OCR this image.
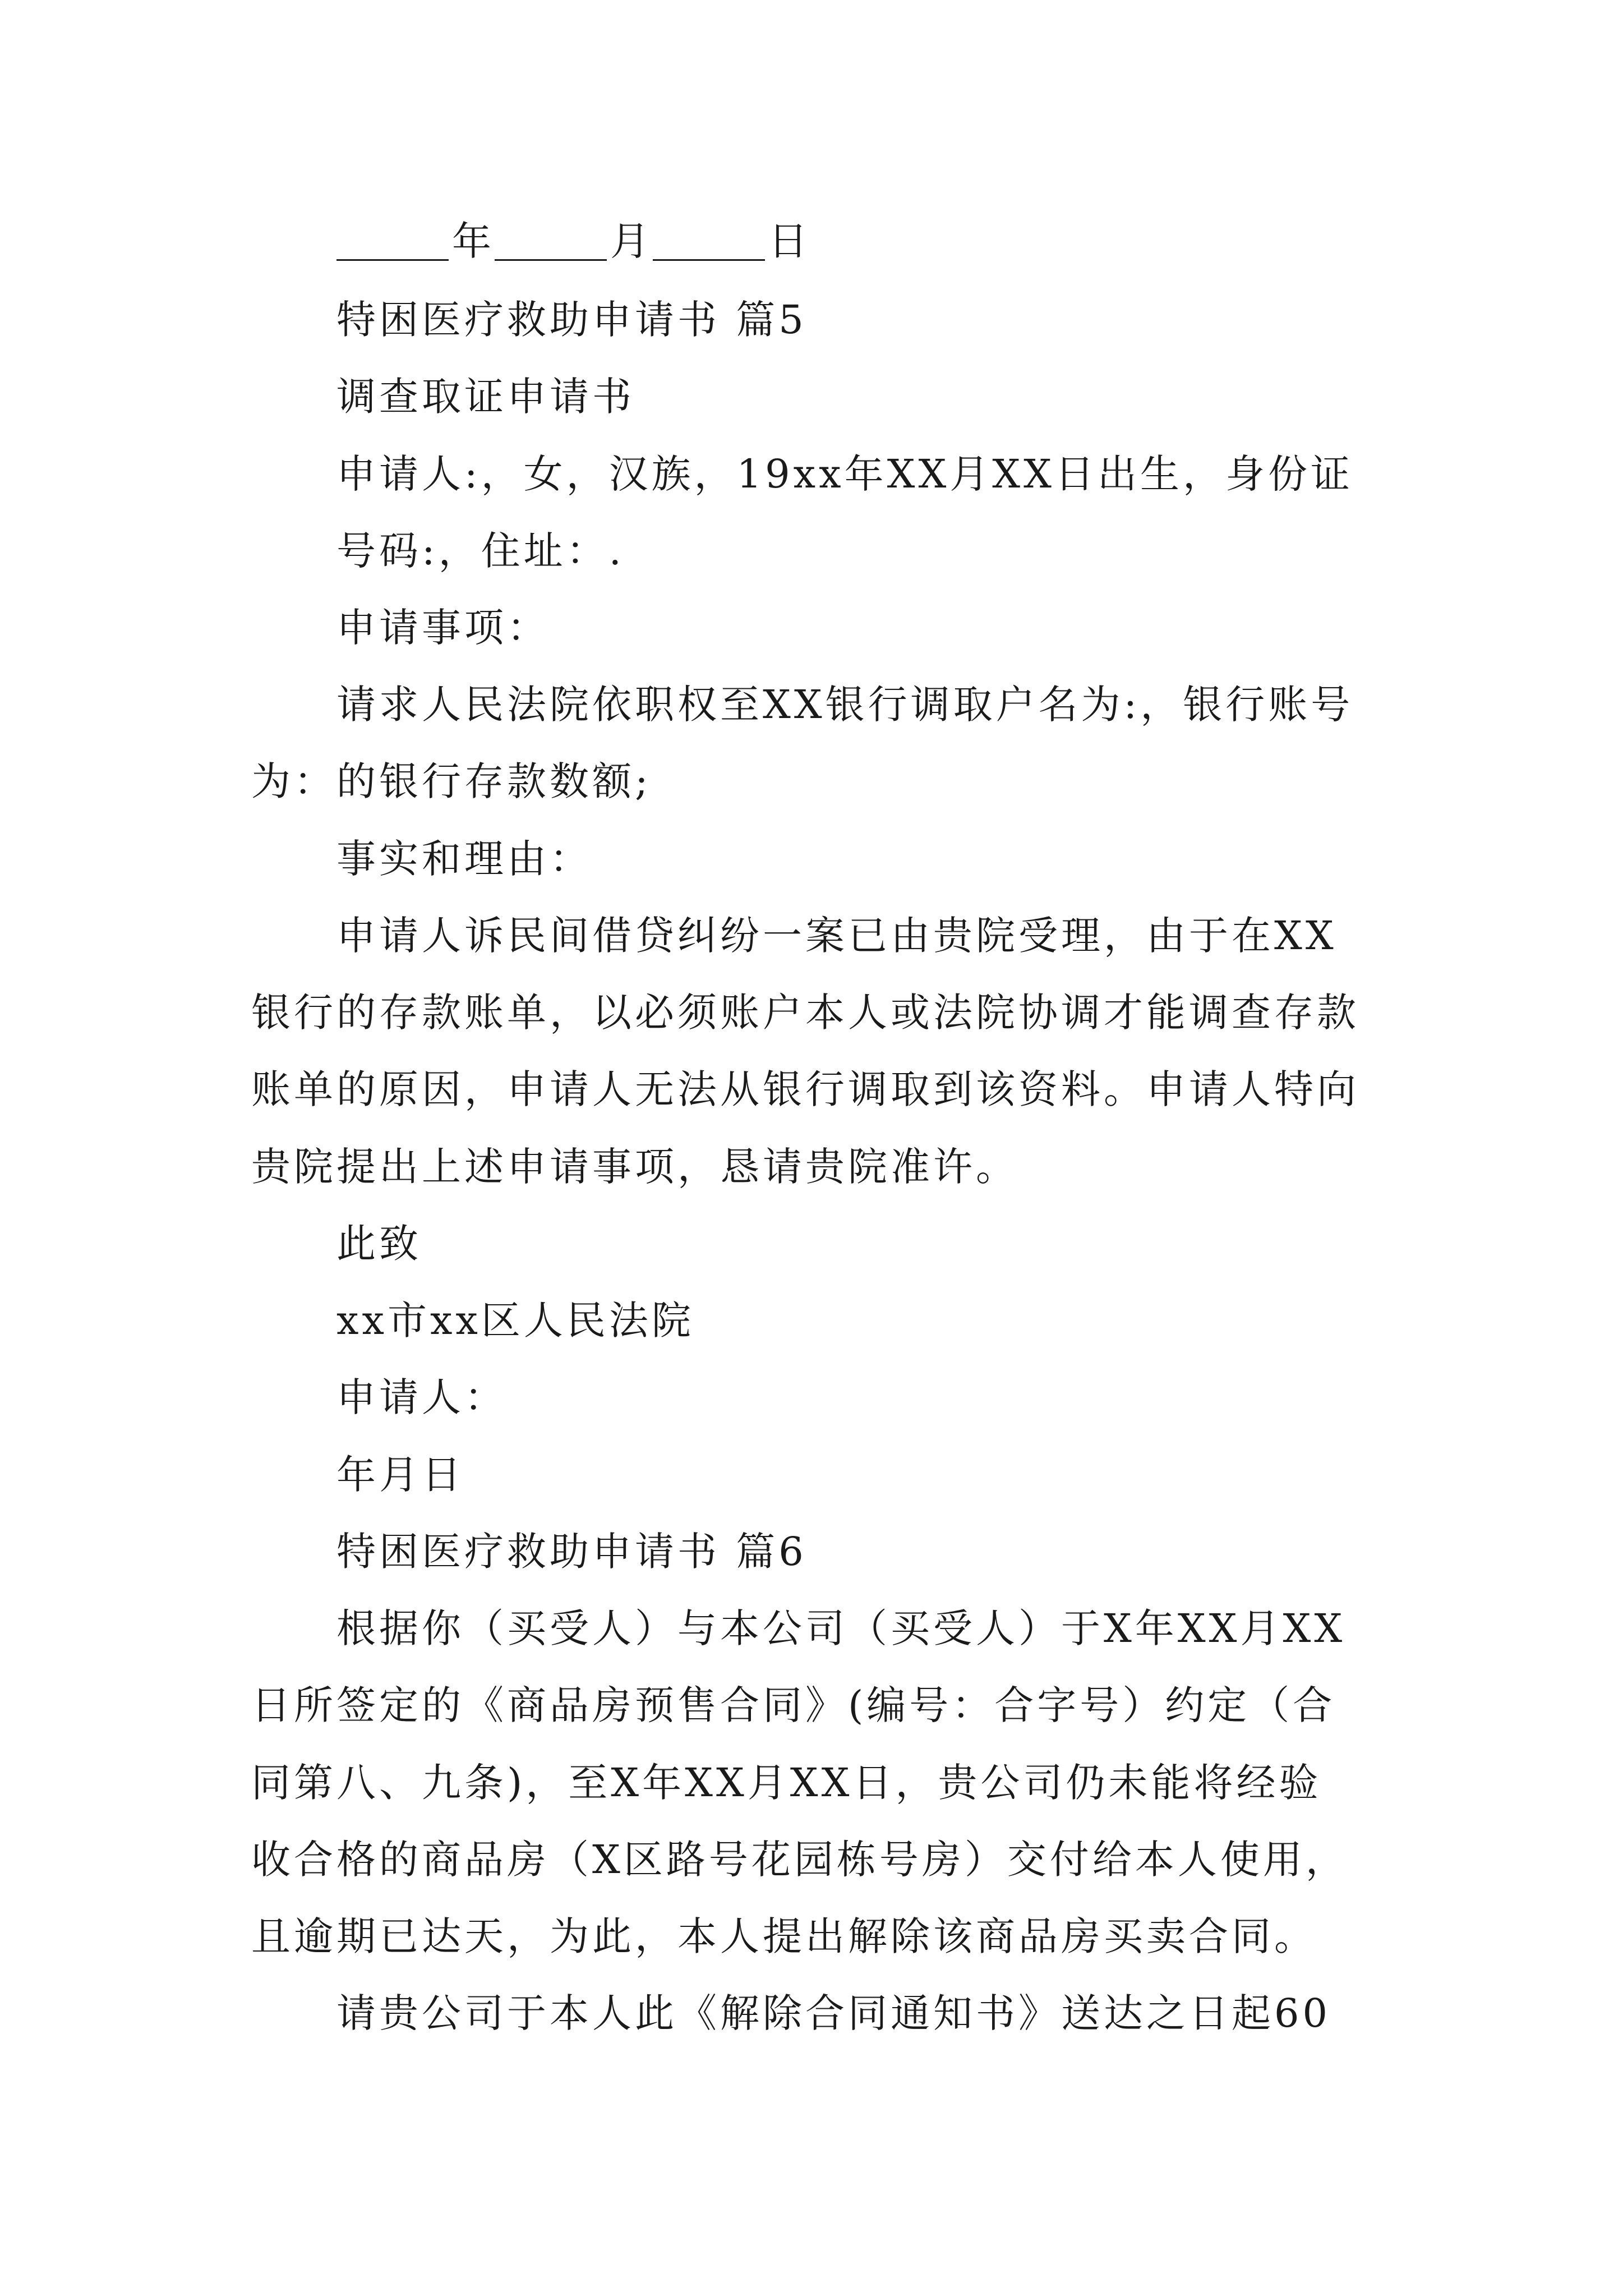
年	月	日
特困医疗救助申请书 篇5
调查取证申请书
申请人:，女，汉族，19xx年XX月XX日出生，身份证
号码:，住址：.
申请事项：
请求人民法院依职权至XX银行调取户名为:，银行账号
为：的银行存款数额;
事实和理由：
申请人诉民间借贷纠纷一案已由贵院受理，由于在XX
银行的存款账单，以必须账户本人或法院协调才能调查存款
账单的原因，申请人无法从银行调取到该资料。申请人特向
贵院提出上述申请事项，恳请贵院准许。
此致
xx市xx区人民法院
申请人：
年月日
特困医疗救助申请书 篇6
根据你（买受人）与本公司（买受人）于X年XX月XX
日所签定的《商品房预售合同》(编号：合字号）约定（合
同第八、九条)，至X年XX月XX日，贵公司仍未能将经验
收合格的商品房（X区路号花园栋号房）交付给本人使用，
且逾期已达天，为此，本人提出解除该商品房买卖合同。
请贵公司于本人此《解除合同通知书》送达之日起60
